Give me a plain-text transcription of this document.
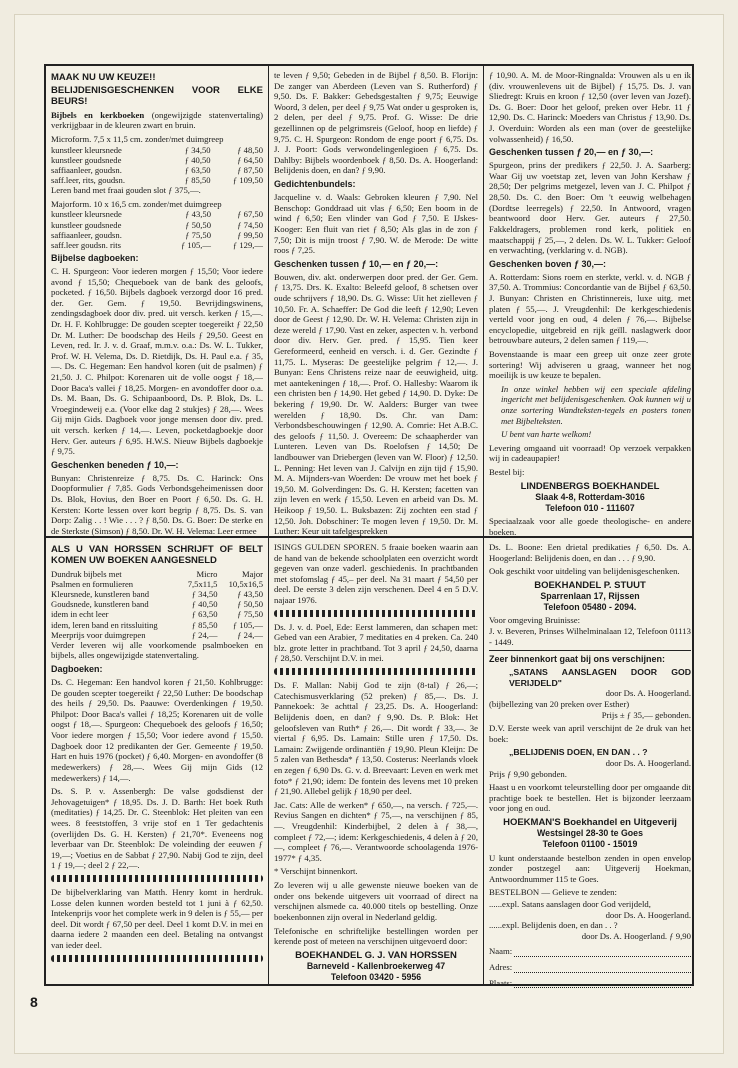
MAAK NU UW KEUZE!!
BELIJDENISGESCHENKEN VOOR ELKE BEURS!

Bijbels en kerkboeken (ongewijzigde statenvertaling) verkrijgbaar in de kleuren zwart en bruin.

Microform. 7,5 x 11,5 cm. zonder/met duimgreep
kunstleer kleursnede	ƒ 34,50	ƒ 48,50
kunstleer goudsnede	ƒ 40,50	ƒ 64,50
saffiaanleer, goudsn.	ƒ 63,50	ƒ 87,50
saff.leer, rits, goudsn.	ƒ 85,50	ƒ 109,50
Leren band met fraai gouden slot ƒ 375,—.
Majorform. 10 x 16,5 cm. zonder/met duimgreep
kunstleer kleursnede	ƒ 43,50	ƒ 67,50
kunstleer goudsnede	ƒ 50,50	ƒ 74,50
saffiaanleer, goudsn.	ƒ 75,50	ƒ 99,50
saff.leer goudsn. rits	ƒ 105,—	ƒ 129,—
Bijbelse dagboeken:

C. H. Spurgeon: Voor iederen morgen ƒ 15,50; Voor iedere avond ƒ 15,50; Chequeboek van de bank des geloofs, pocketed. ƒ 16,50. Bijbels dagboek verzorgd door 16 pred. der. Ger. Gem. ƒ 19,50. Bevrijdingswinens, zendingsdagboek door div. pred. uit versch. kerken ƒ 15,—. Dr. H. F. Kohlbrugge: De gouden scepter toegereikt ƒ 22,50 Dr. M. Luther: De boodschap des Heils ƒ 29,50. Geest en Leven, red. Ir. J. v. d. Graaf, m.m.v. o.a.: Ds. W. L. Tukker, Prof. W. H. Velema, Ds. D. Rietdijk, Ds. H. Paul e.a. ƒ 35,—. Ds. C. Hegeman: Een handvol koren (uit de psalmen) ƒ 21,50. J. C. Philpot: Korenaren uit de volle oogst ƒ 18,— Door Baca's vallei ƒ 18,25. Morgen- en avondoffer door o.a. Ds. M. Baan, Ds. G. Schipaanboord, Ds. P. Blok, Ds. L. Vroegindeweij e.a. (Voor elke dag 2 stukjes) ƒ 28,—. Wees Gij mijn Gids. Dagboek voor jonge mensen door div. pred. uit versch. kerken ƒ 14,—. Leven, pocketdagboekje door Herv. Ger. auteurs ƒ 6,95. H.W.S. Nieuw Bijbels dagboekje ƒ 9,75.

Geschenken beneden ƒ 10,—:

Bunyan: Christenreize ƒ 8,75. Ds. C. Harinck: Ons Doopformulier ƒ 7,85. Gods Verbondsgeheimenissen door Ds. Blok, Hovius, den Boer en Poort ƒ 6,50. Ds. G. H. Kersten: Korte lessen over kort begrip ƒ 8,75. Ds. S. van Dorp: Zalig . . ! Wie . . . ? ƒ 8,50. Ds. G. Boer: De sterke en de Sterkste (Simson) ƒ 8,50. Dr. W. H. Velema: Leer ermee

te leven ƒ 9,50; Gebeden in de Bijbel ƒ 8,50. B. Florijn: De zanger van Aberdeen (Leven van S. Rutherford) ƒ 9,50. Ds. F. Bakker: Gebedsgestalten ƒ 9,75; Eeuwige Woord, 3 delen, per deel ƒ 9,75 Wat onder u gesproken is, 2 delen, per deel ƒ 9,75. Prof. G. Wisse: De drie gezellinnen op de pelgrimsreis (Geloof, hoop en liefde) ƒ 9,75. C. H. Spurgeon: Rondom de enge poort ƒ 6,75. Ds. J. J. Poort: Gods verwondelingenlegioen ƒ 6,75. Ds. Dahlby: Bijbels woordenboek ƒ 8,50. Ds. A. Hoogerland: Belijdenis doen, en dan? ƒ 9,90.

Gedichtenbundels:

Jacqueline v. d. Waals: Gebroken kleuren ƒ 7,90. Nel Benschop: Gonddraad uit vlas ƒ 6,50; Een boom in de wind ƒ 6,50; Een vlinder van God ƒ 7,50. E IJskes-Kooger: Een fluit van riet ƒ 8,50; Als glas in de zon ƒ 7,50; Dit is mijn troost ƒ 7,90. W. de Merode: De witte roos ƒ 7,25.

Geschenken tussen ƒ 10,— en ƒ 20,—:

Bouwen, div. akt. onderwerpen door pred. der Ger. Gem. ƒ 13,75. Drs. K. Exalto: Beleefd geloof, 8 schetsen over oude schrijvers ƒ 18,90. Ds. G. Wisse: Uit het zielleven ƒ 10,50. Fr. A. Schaeffer: De God die leeft ƒ 12,90; Leven door de Geest ƒ 12,90. Dr. W. H. Velema: Christen zijn in deze wereld ƒ 17,90. Vast en zeker, aspecten v. h. verbond door div. Herv. Ger. pred. ƒ 15,95. Tien keer Gereformeerd, eenheid en versch. i. d. Ger. Gezindte ƒ 11,75. L. Myseras: De geestelijke pelgrim ƒ 12,—. J. Bunyan: Eens Christens reize naar de eeuwigheid, uitg. met aantekeningen ƒ 18,—. Prof. O. Hallesby: Waarom ik een christen ben ƒ 14,90. Het gebed ƒ 14,90. D. Dyke: De bekering ƒ 19,90. Dr. W. Aalders: Burger van twee werelden ƒ 18,90. Ds. Chr. van Dam: Verbondsbeschouwingen ƒ 12,90. A. Comrie: Het A.B.C. des geloofs ƒ 11,50. J. Overeem: De schaapherder van Lunteren. Leven van Ds. Roelofsen ƒ 14,50; De landbouwer van Driebergen (leven van W. Floor) ƒ 12,50. L. Penning: Het leven van J. Calvijn en zijn tijd ƒ 15,90. M. A. Mijnders-van Woerden: De vrouw met het boek ƒ 19,50. M. Golverdingen: Ds. G. H. Kersten; facetten van zijn leven en werk ƒ 15,50. Leven en arbeid van Ds. M. Heikoop ƒ 19,50. L. Buksbazen: Zij zochten een stad ƒ 12,50. Joh. Dobschiner: Te mogen leven ƒ 19,50. Dr. M. Luther: Keur uit tafelgesprekken

ƒ 10,90. A. M. de Moor-Ringnalda: Vrouwen als u en ik (div. vrouwenlevens uit de Bijbel) ƒ 15,75. Ds. J. van Sliedregt: Kruis en kroon ƒ 12,50 (over leven van Jozef). Ds. G. Boer: Door het geloof, preken over Hebr. 11 ƒ 12,90. Ds. C. Harinck: Moeders van Christus ƒ 13,90. Ds. J. Overduin: Worden als een man (over de geestelijke volwassenheid) ƒ 16,50.

Geschenken tussen ƒ 20,— en ƒ 30,—:

Spurgeon, prins der predikers ƒ 22,50. J. A. Saarberg: Waar Gij uw voetstap zet, leven van John Kershaw ƒ 28,50; Der pelgrims metgezel, leven van J. C. Philpot ƒ 28,50. Ds. C. den Boer: Om 't eeuwig welbehagen (Dordtse leerregels) ƒ 22,50. In Antwoord, vragen beantwoord door Herv. Ger. auteurs ƒ 27,50. Fakkeldragers, problemen rond kerk, politiek en maatschappij ƒ 25,—, 2 delen. Ds. W. L. Tukker: Geloof en verwachting, (verklaring v. d. NGB).

Geschenken boven ƒ 30,—:

A. Rotterdam: Sions roem en sterkte, verkl. v. d. NGB ƒ 37,50. A. Trommius: Concordantie van de Bijbel ƒ 63,50. J. Bunyan: Christen en Christinnereis, luxe uitg. met platen ƒ 55,—. J. Vreugdenhil: De kerkgeschiedenis verteld voor jong en oud, 4 delen ƒ 76,—. Bijbelse encyclopedie, uitgebreid en rijk geïll. naslagwerk door betrouwbare auteurs, 2 delen samen ƒ 119,—.

Bovenstaande is maar een greep uit onze zeer grote sortering! Wij adviseren u graag, wanneer het nog moeilijk is uw keuze te bepalen.

In onze winkel hebben wij een speciale afdeling ingericht met belijdenisgeschenken. Ook kunnen wij u onze sortering Wandteksten-tegels en posters tonen met Bijbelteksten.

U bent van harte welkom!

Levering omgaand uit voorraad! Op verzoek verpakken wij in cadeaupapier!

Bestel bij:

LINDENBERGS BOEKHANDEL
Slaak 4-8, Rotterdam-3016
Telefoon 010 - 111607

Speciaalzaak voor alle goede theologische- en andere boeken.

ALS U VAN HORSSEN SCHRIJFT OF BELT KOMEN UW BOEKEN AANGESNELD
Dundruk bijbels met	Micro	Major
Psalmen en formulieren	7,5x11,5	10,5x16,5
Kleursnede, kunstleren band	ƒ 34,50	ƒ 43,50
Goudsnede, kunstleren band	ƒ 40,50	ƒ 50,50
idem in echt leer	ƒ 63,50	ƒ 75,50
idem, leren band en ritssluiting	ƒ 85,50	ƒ 105,—
Meerprijs voor duimgrepen	ƒ 24,—	ƒ 24,—

Verder leveren wij alle voorkomende psalmboeken en bijbels, alles ongewijzigde statenvertaling.

Dagboeken:

Ds. C. Hegeman: Een handvol koren ƒ 21,50. Kohlbrugge: De gouden scepter toegereikt ƒ 22,50 Luther: De boodschap des heils ƒ 29,50. Ds. Paauwe: Overdenkingen ƒ 19,50. Philpot: Door Baca's vallei ƒ 18,25; Korenaren uit de volle oogst ƒ 18,—. Spurgeon: Chequeboek des geloofs ƒ 16,50; Voor iedere morgen ƒ 15,50; Voor iedere avond ƒ 15,50. Dagboek door 12 predikanten der Ger. Gemeente ƒ 19,50. Hart en huis 1976 (pocket) ƒ 6,40. Morgen- en avondoffer (8 medewerkers) ƒ 28,—. Wees Gij mijn Gids (12 medewerkers) ƒ 14,—.

Ds. S. P. v. Assenbergh: De valse godsdienst der Jehovagetuigen* ƒ 18,95. Ds. J. D. Barth: Het boek Ruth (meditaties) ƒ 14,25. Dr. C. Steenblok: Het pleiten van een wees. 8 feeststoffen, 3 vrije stof en 1 Ter gedachtenis (overlijden Ds. G. H. Kersten) ƒ 21,70*. Eveneens nog leverbaar van Dr. Steenblok: De voleinding der eeuwen ƒ 19,—; Voetius en de Sabbat ƒ 27,90. Nabij God te zijn, deel 1 ƒ 19,—; deel 2 ƒ 22,—.

De bijbelverklaring van Matth. Henry komt in herdruk. Losse delen kunnen worden besteld tot 1 juni à ƒ 62,50. Intekenprijs voor het complete werk in 9 delen is ƒ 55,— per deel. Dit wordt ƒ 67,50 per deel. Deel 1 komt D.V. in mei en daarna iedere 2 maanden een deel. Betaling na ontvangst van ieder deel.

ISINGS GULDEN SPOREN. 5 fraaie boeken waarin aan de hand van de bekende schoolplaten een overzicht wordt gegeven van onze vaderl. geschiedenis. In prachtbanden met stofomslag ƒ 45,– per deel. Na 31 maart ƒ 54,50 per deel. De eerste 3 delen zijn verschenen. Deel 4 en 5 D.V. najaar 1976.

Ds. J. v. d. Poel, Ede: Eerst lammeren, dan schapen met: Gebed van een Arabier, 7 meditaties en 4 preken. Ca. 240 blz. grote letter in prachtband. Tot 3 april ƒ 24,50, daarna ƒ 28,50. Verschijnt D.V. in mei.

Ds. F. Mallan: Nabij God te zijn (8-tal) ƒ 26,—; Catechismusverklaring (52 preken) ƒ 85,—. Ds. J. Pannekoek: 3e achttal ƒ 23,25. Ds. A. Hoogerland: Belijdenis doen, en dan? ƒ 9,90. Ds. P. Blok: Het geloofsleven van Ruth* ƒ 26,—. Dit wordt ƒ 33,—. 3e viertal ƒ 6,95. Ds. Lamain: Stille uren ƒ 17,50. Ds. Lamain: Zwijgende ordinantiën ƒ 19,90. Pleun Kleijn: De 5 zalen van Bethesda* ƒ 13,50. Costerus: Neerlands vloek en zegen ƒ 6,90 Ds. G. v. d. Breevaart: Leven en werk met foto* ƒ 21,90; idem: De fontein des levens met 10 preken ƒ 21,90. Allebel gelijk ƒ 18,90 per deel.

Jac. Cats: Alle de werken* ƒ 650,—, na versch. ƒ 725,—. Revius Sangen en dichten* ƒ 75,—, na verschijnen ƒ 85,—. Vreugdenhil: Kinderbijbel, 2 delen à ƒ 38,—, compleet ƒ 72,—; idem: Kerkgeschiedenis, 4 delen à ƒ 20,—, compleet ƒ 76,—. Verantwoorde schoolagenda 1976-1977* ƒ 4,35.

* Verschijnt binnenkort.

Zo leveren wij u alle gewenste nieuwe boeken van de onder ons bekende uitgevers uit voorraad of direct na verschijnen alsmede ca. 40.000 titels op bestelling. Onze boekenbonnen zijn overal in Nederland geldig.

Telefonische en schriftelijke bestellingen worden per kerende post of meteen na verschijnen uitgevoerd door:

BOEKHANDEL G. J. VAN HORSSEN
Barneveld - Kallenbroekerweg 47
Telefoon 03420 - 5956

Ds. L. Boone: Een drietal predikaties ƒ 6,50. Ds. A. Hoogerland: Belijdenis doen, en dan . . . ƒ 9,90.

Ook geschikt voor uitdeling van belijdenisgeschenken.

BOEKHANDEL P. STUUT
Sparrenlaan 17, Rijssen
Telefoon 05480 - 2094.

Voor omgeving Bruinisse:

J. v. Beveren, Prinses Wilhelminalaan 12, Telefoon 01113 - 1449.

Zeer binnenkort gaat bij ons verschijnen:
„SATANS AANSLAGEN DOOR GOD VERIJDELD"
door Ds. A. Hoogerland.
(bijbellezing van 20 preken over Esther)
Prijs ± ƒ 35,— gebonden.

D.V. Eerste week van april verschijnt de 2e druk van het boek:

„BELIJDENIS DOEN, EN DAN . . ?
door Ds. A. Hoogerland.

Prijs ƒ 9,90 gebonden.

Haast u en voorkomt teleurstelling door per omgaande dit prachtige boek te bestellen. Het is bijzonder leerzaam voor jong en oud.

HOEKMAN'S Boekhandel en Uitgeverij
Westsingel 28-30 te Goes
Telefoon 01100 - 15019

U kunt onderstaande bestelbon zenden in open envelop zonder postzegel aan: Uitgeverij Hoekman, Antwoordnummer 115 te Goes.

BESTELBON — Gelieve te zenden:

......expl. Satans aanslagen door God verijdeld,
door Ds. A. Hoogerland.
......expl. Belijdenis doen, en dan . . ?
door Ds. A. Hoogerland. ƒ 9,90
Naam:
Adres:
Plaats:
8
